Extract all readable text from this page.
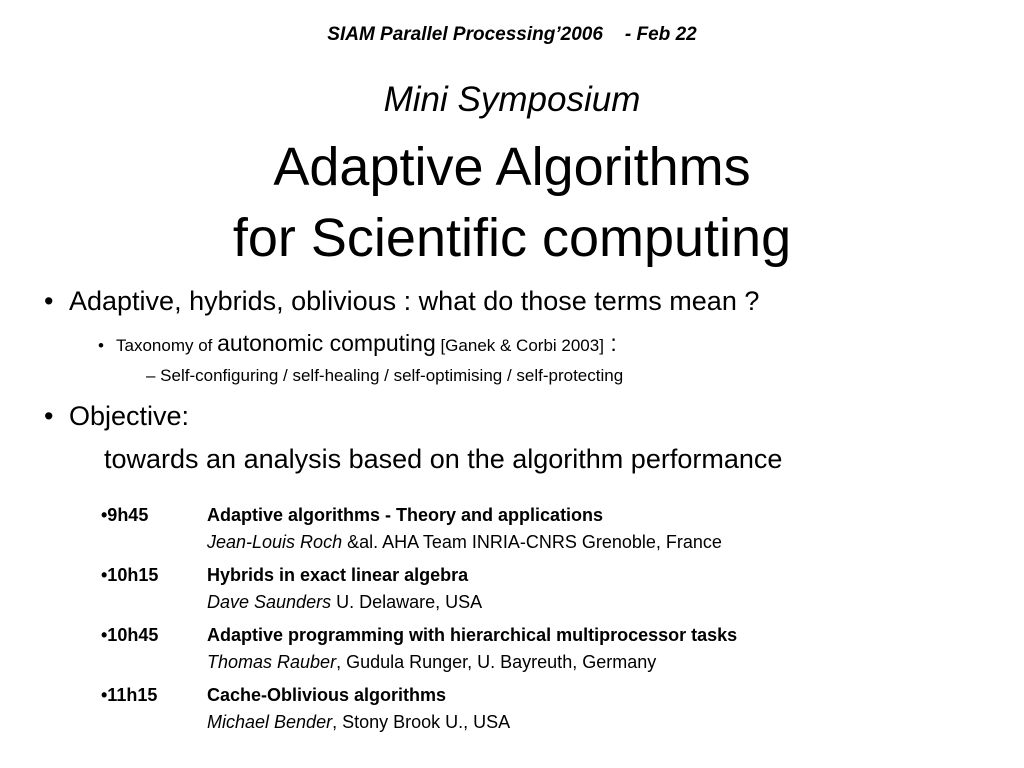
SIAM Parallel Processing’2006 - Feb 22
Mini Symposium
Adaptive Algorithms
for Scientific computing
• Adaptive, hybrids, oblivious : what do those terms mean ?
• Taxonomy of autonomic computing [Ganek & Corbi 2003] :
– Self-configuring / self-healing / self-optimising / self-protecting
• Objective:
towards an analysis based on the algorithm performance
•9h45	Adaptive algorithms - Theory and applications
Jean-Louis Roch &al. AHA Team INRIA-CNRS Grenoble, France
•10h15	Hybrids in exact linear algebra
Dave Saunders U. Delaware, USA
•10h45	Adaptive programming with hierarchical multiprocessor tasks
Thomas Rauber, Gudula Runger, U. Bayreuth, Germany
•11h15	Cache-Oblivious algorithms
Michael Bender, Stony Brook U., USA
